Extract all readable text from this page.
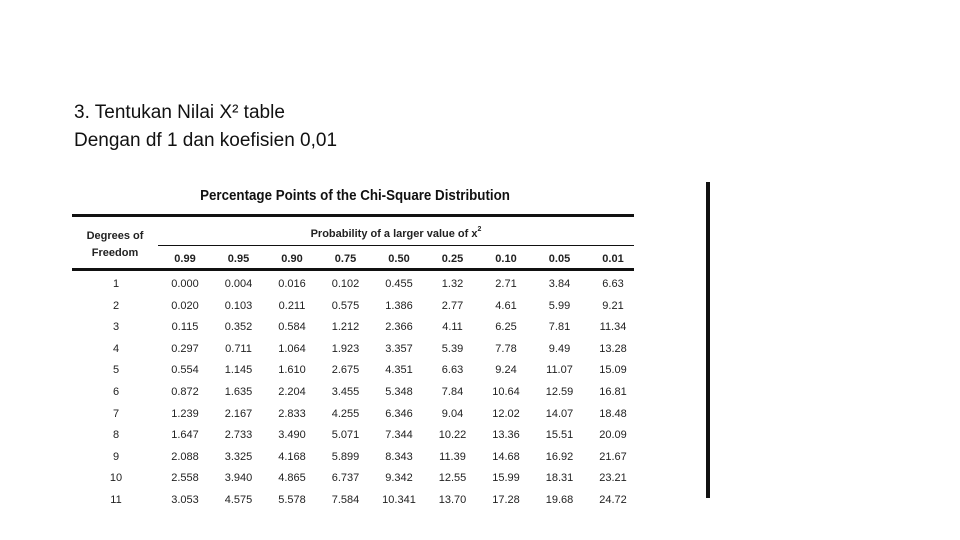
3. Tentukan Nilai X² table
Dengan df 1 dan koefisien 0,01
Percentage Points of the Chi-Square Distribution
Degrees of
Freedom
Probability of a larger value of $x^2$
0.99	0.95	0.90	0.75	0.50	0.25	0.10	0.05	0.01
1	0.000	0.004	0.016	0.102	0.455	1.32	2.71	3.84	6.63
2	0.020	0.103	0.211	0.575	1.386	2.77	4.61	5.99	9.21
3	0.115	0.352	0.584	1.212	2.366	4.11	6.25	7.81	11.34
4	0.297	0.711	1.064	1.923	3.357	5.39	7.78	9.49	13.28
5	0.554	1.145	1.610	2.675	4.351	6.63	9.24	11.07	15.09
6	0.872	1.635	2.204	3.455	5.348	7.84	10.64	12.59	16.81
7	1.239	2.167	2.833	4.255	6.346	9.04	12.02	14.07	18.48
8	1.647	2.733	3.490	5.071	7.344	10.22	13.36	15.51	20.09
9	2.088	3.325	4.168	5.899	8.343	11.39	14.68	16.92	21.67
10	2.558	3.940	4.865	6.737	9.342	12.55	15.99	18.31	23.21
11	3.053	4.575	5.578	7.584	10.341	13.70	17.28	19.68	24.72
